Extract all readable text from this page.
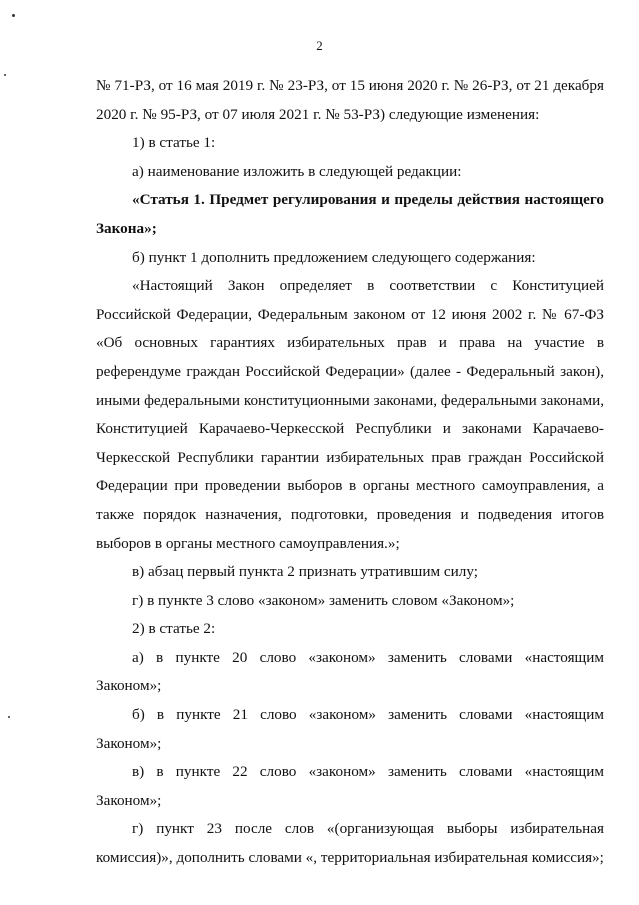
2

№ 71-РЗ, от 16 мая 2019 г. № 23-РЗ, от 15 июня 2020 г. № 26-РЗ, от 21 декабря 2020 г. № 95-РЗ, от 07 июля 2021 г. № 53-РЗ) следующие изменения:

1) в статье 1:

а) наименование изложить в следующей редакции:

«Статья 1. Предмет регулирования и пределы действия настоящего Закона»;

б) пункт 1 дополнить предложением следующего содержания:

«Настоящий Закон определяет в соответствии с Конституцией Российской Федерации, Федеральным законом от 12 июня 2002 г. № 67-ФЗ «Об основных гарантиях избирательных прав и права на участие в референдуме граждан Российской Федерации» (далее - Федеральный закон), иными федеральными конституционными законами, федеральными законами, Конституцией Карачаево-Черкесской Республики и законами Карачаево-Черкесской Республики гарантии избирательных прав граждан Российской Федерации при проведении выборов в органы местного самоуправления, а также порядок назначения, подготовки, проведения и подведения итогов выборов в органы местного самоуправления.»;

в) абзац первый пункта 2 признать утратившим силу;

г) в пункте 3 слово «законом» заменить словом «Законом»;

2) в статье 2:

а) в пункте 20 слово «законом» заменить словами «настоящим Законом»;

б) в пункте 21 слово «законом» заменить словами «настоящим Законом»;

в) в пункте 22 слово «законом» заменить словами «настоящим Законом»;

г) пункт 23 после слов «(организующая выборы избирательная комиссия)», дополнить словами «, территориальная избирательная комиссия»;
